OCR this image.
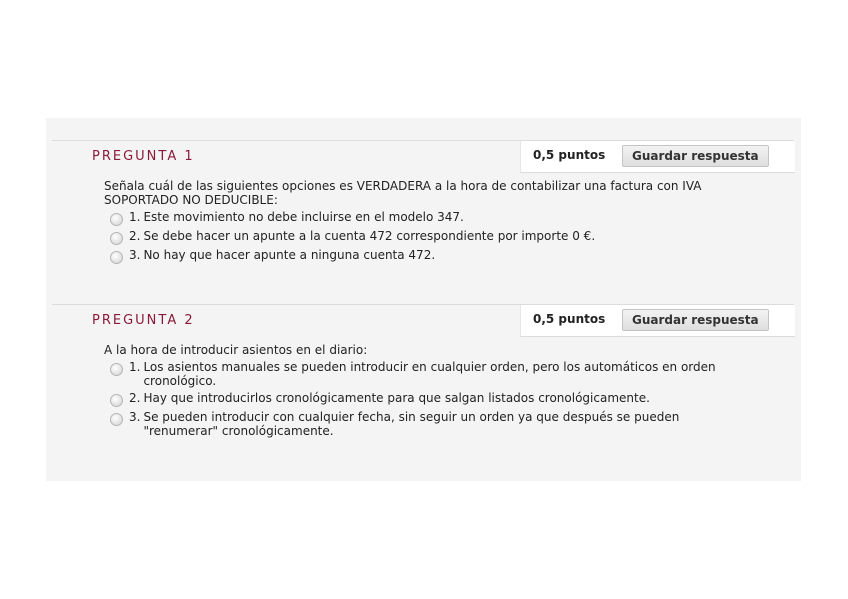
PREGUNTA 1	0,5 puntos	Guardar respuesta
Señala cuál de las siguientes opciones es VERDADERA a la hora de contabilizar una factura con IVA SOPORTADO NO DEDUCIBLE:
1. Este movimiento no debe incluirse en el modelo 347.
2. Se debe hacer un apunte a la cuenta 472 correspondiente por importe 0 €.
3. No hay que hacer apunte a ninguna cuenta 472.
PREGUNTA 2	0,5 puntos	Guardar respuesta
A la hora de introducir asientos en el diario:
1. Los asientos manuales se pueden introducir en cualquier orden, pero los automáticos en orden cronológico.
2. Hay que introducirlos cronológicamente para que salgan listados cronológicamente.
3. Se pueden introducir con cualquier fecha, sin seguir un orden ya que después se pueden "renumerar" cronológicamente.
